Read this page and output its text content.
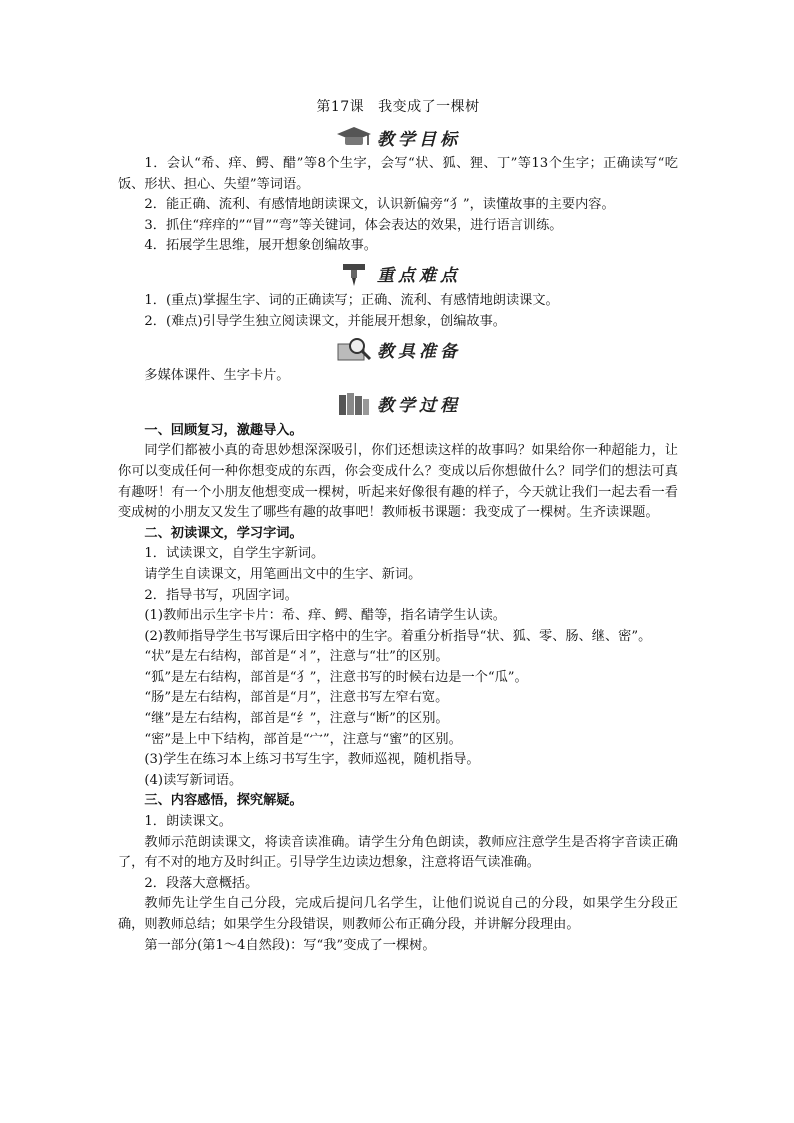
第17课 我变成了一棵树
教学目标

1．会认“希、痒、鳄、醋”等8个生字，会写“状、狐、狸、丁”等13个生字；正确读写“吃饭、形状、担心、失望”等词语。

2．能正确、流利、有感情地朗读课文，认识新偏旁“犭”，读懂故事的主要内容。

3．抓住“痒痒的”“冒”“弯”等关键词，体会表达的效果，进行语言训练。

4．拓展学生思维，展开想象创编故事。

重点难点

1．(重点)掌握生字、词的正确读写；正确、流利、有感情地朗读课文。

2．(难点)引导学生独立阅读课文，并能展开想象，创编故事。

教具准备

多媒体课件、生字卡片。

教学过程

一、回顾复习，激趣导入。

同学们都被小真的奇思妙想深深吸引，你们还想读这样的故事吗？如果给你一种超能力，让你可以变成任何一种你想变成的东西，你会变成什么？变成以后你想做什么？同学们的想法可真有趣呀！有一个小朋友他想变成一棵树，听起来好像很有趣的样子，今天就让我们一起去看一看变成树的小朋友又发生了哪些有趣的故事吧！教师板书课题：我变成了一棵树。生齐读课题。

二、初读课文，学习字词。

1．试读课文，自学生字新词。

请学生自读课文，用笔画出文中的生字、新词。

2．指导书写，巩固字词。

(1)教师出示生字卡片：希、痒、鳄、醋等，指名请学生认读。

(2)教师指导学生书写课后田字格中的生字。着重分析指导“状、狐、零、肠、继、密”。

“状”是左右结构，部首是“丬”，注意与“壮”的区别。

“狐”是左右结构，部首是“犭”，注意书写的时候右边是一个“瓜”。

“肠”是左右结构，部首是“月”，注意书写左窄右宽。

“继”是左右结构，部首是“纟”，注意与“断”的区别。

“密”是上中下结构，部首是“宀”，注意与“蜜”的区别。

(3)学生在练习本上练习书写生字，教师巡视，随机指导。

(4)读写新词语。

三、内容感悟，探究解疑。

1．朗读课文。

教师示范朗读课文，将读音读准确。请学生分角色朗读，教师应注意学生是否将字音读正确了，有不对的地方及时纠正。引导学生边读边想象，注意将语气读准确。

2．段落大意概括。

教师先让学生自己分段，完成后提问几名学生，让他们说说自己的分段，如果学生分段正确，则教师总结；如果学生分段错误，则教师公布正确分段，并讲解分段理由。

第一部分(第1～4自然段)：写“我”变成了一棵树。
